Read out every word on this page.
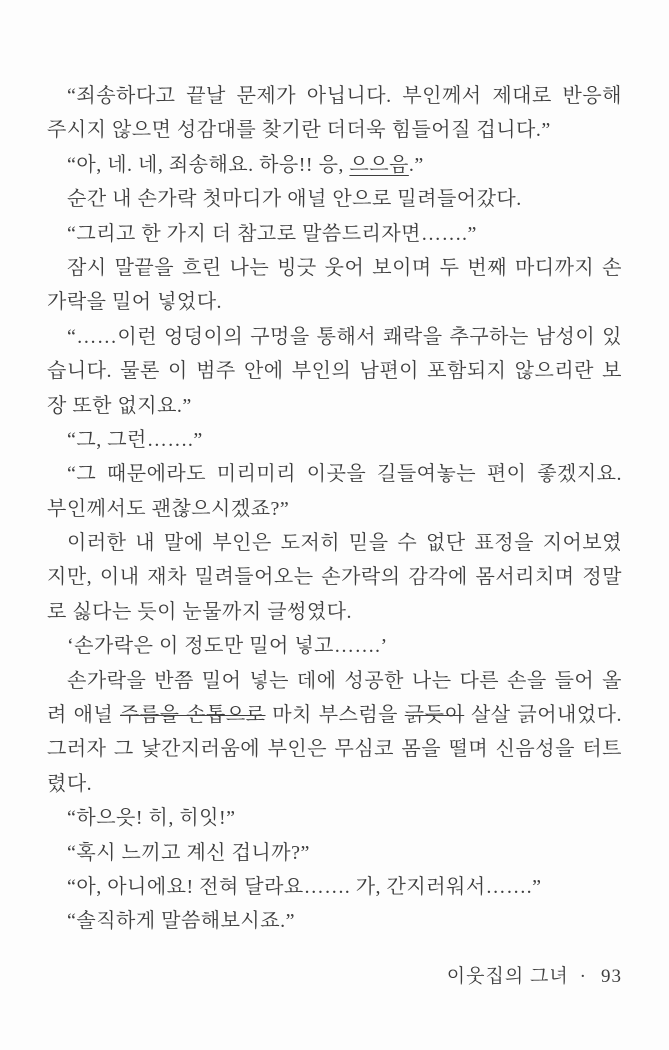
“죄송하다고 끝날 문제가 아닙니다. 부인께서 제대로 반응해
주시지 않으면 성감대를 찾기란 더더욱 힘들어질 겁니다.”
“아, 네. 네, 죄송해요. 하응!! 응, 으으음.”
순간 내 손가락 첫마디가 애널 안으로 밀려들어갔다.
“그리고 한 가지 더 참고로 말씀드리자면…….”
잠시 말끝을 흐린 나는 빙긋 웃어 보이며 두 번째 마디까지 손
가락을 밀어 넣었다.
“……이런 엉덩이의 구멍을 통해서 쾌락을 추구하는 남성이 있
습니다. 물론 이 범주 안에 부인의 남편이 포함되지 않으리란 보
장 또한 없지요.”
“그, 그런…….”
“그 때문에라도 미리미리 이곳을 길들여놓는 편이 좋겠지요.
부인께서도 괜찮으시겠죠?”
이러한 내 말에 부인은 도저히 믿을 수 없단 표정을 지어보였
지만, 이내 재차 밀려들어오는 손가락의 감각에 몸서리치며 정말
로 싫다는 듯이 눈물까지 글썽였다.
‘손가락은 이 정도만 밀어 넣고…….’
손가락을 반쯤 밀어 넣는 데에 성공한 나는 다른 손을 들어 올
려 애널 주름을 손톱으로 마치 부스럼을 긁듯이 살살 긁어내었다.
그러자 그 낯간지러움에 부인은 무심코 몸을 떨며 신음성을 터트
렸다.
“하으읏! 히, 히잇!”
“혹시 느끼고 계신 겁니까?”
“아, 아니에요! 전혀 달라요……. 가, 간지러워서…….”
“솔직하게 말씀해보시죠.”
이웃집의 그녀 · 93
